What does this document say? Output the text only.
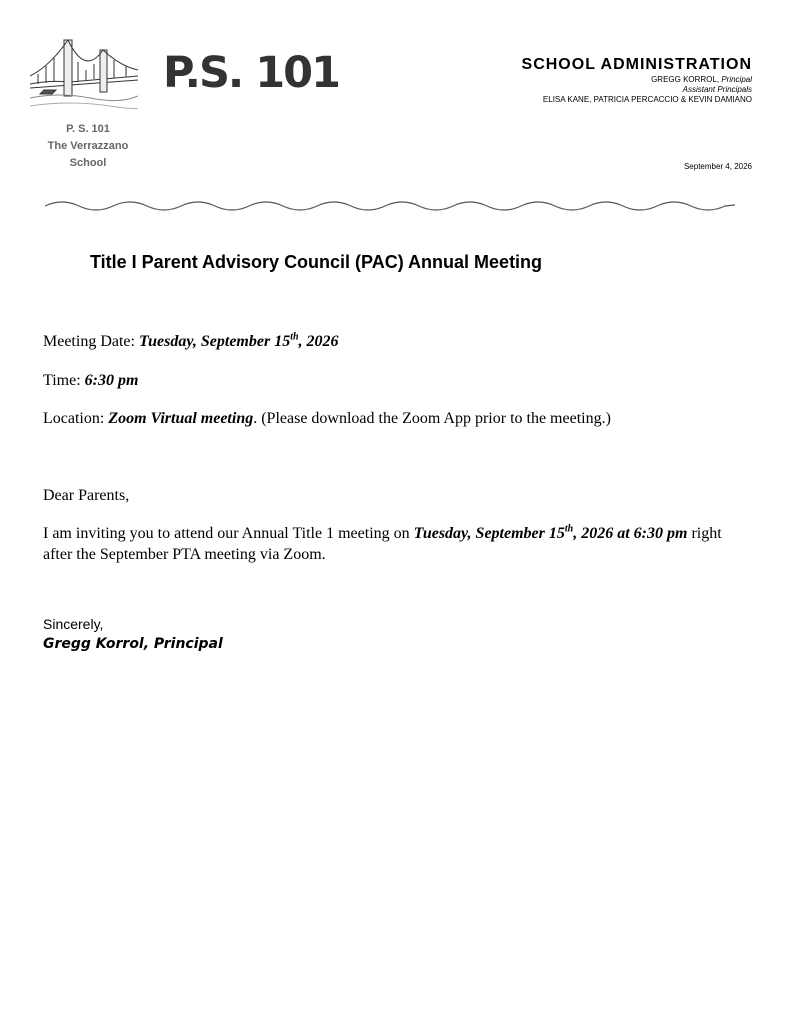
P. S. 101
The Verrazzano School
P.S. 101	SCHOOL ADMINISTRATION
GREGG KORROL, Principal
Assistant Principals
ELISA KANE, PATRICIA PERCACCIO & KEVIN DAMIANO
September 4, 2026
Title I Parent Advisory Council (PAC) Annual Meeting
Meeting Date: Tuesday, September 15th, 2026
Time: 6:30 pm
Location: Zoom Virtual meeting. (Please download the Zoom App prior to the meeting.)
Dear Parents,
I am inviting you to attend our Annual Title 1 meeting on Tuesday, September 15th, 2026 at 6:30 pm right after the September PTA meeting via Zoom.
Sincerely,
Gregg Korrol, Principal
